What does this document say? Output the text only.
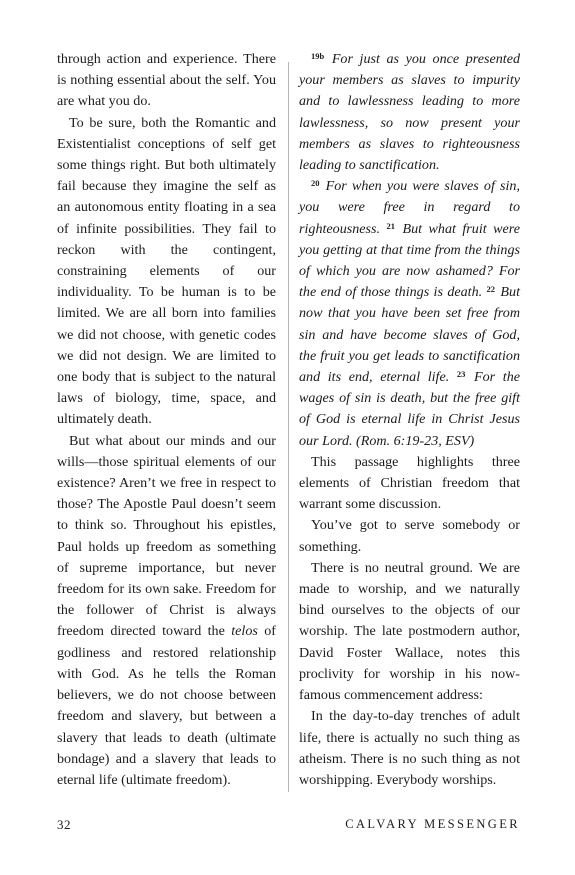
through action and experience. There is nothing essential about the self. You are what you do.

To be sure, both the Romantic and Existentialist conceptions of self get some things right. But both ultimately fail because they imagine the self as an autonomous entity floating in a sea of infinite possibilities. They fail to reckon with the contingent, constraining elements of our individuality. To be human is to be limited. We are all born into families we did not choose, with genetic codes we did not design. We are limited to one body that is subject to the natural laws of biology, time, space, and ultimately death.

But what about our minds and our wills—those spiritual elements of our existence? Aren’t we free in respect to those? The Apostle Paul doesn’t seem to think so. Throughout his epistles, Paul holds up freedom as something of supreme importance, but never freedom for its own sake. Freedom for the follower of Christ is always freedom directed toward the telos of godliness and restored relationship with God. As he tells the Roman believers, we do not choose between freedom and slavery, but between a slavery that leads to death (ultimate bondage) and a slavery that leads to eternal life (ultimate freedom).

$^{19b}$ For just as you once presented your members as slaves to impurity and to lawlessness leading to more lawlessness, so now present your members as slaves to righteousness leading to sanctification.

$^{20}$ For when you were slaves of sin, you were free in regard to righteousness. $^{21}$ But what fruit were you getting at that time from the things of which you are now ashamed? For the end of those things is death. $^{22}$ But now that you have been set free from sin and have become slaves of God, the fruit you get leads to sanctification and its end, eternal life. $^{23}$ For the wages of sin is death, but the free gift of God is eternal life in Christ Jesus our Lord. (Rom. 6:19-23, ESV)

This passage highlights three elements of Christian freedom that warrant some discussion.

You’ve got to serve somebody or something.

There is no neutral ground. We are made to worship, and we naturally bind ourselves to the objects of our worship. The late postmodern author, David Foster Wallace, notes this proclivity for worship in his now-famous commencement address:

In the day-to-day trenches of adult life, there is actually no such thing as atheism. There is no such thing as not worshipping. Everybody worships.

32	CALVARY MESSENGER
